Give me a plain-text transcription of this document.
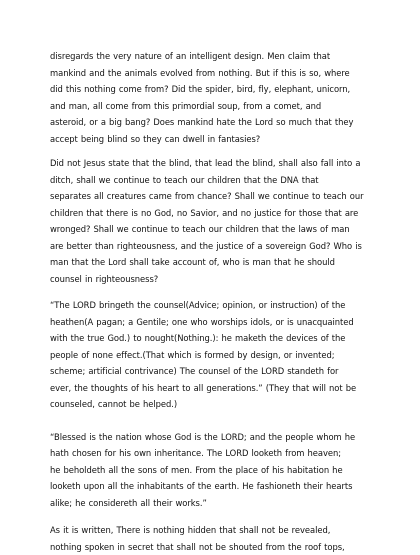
disregards the very nature of an intelligent design. Men claim that
mankind and the animals evolved from nothing. But if this is so, where
did this nothing come from? Did the spider, bird, fly, elephant, unicorn,
and man, all come from this primordial soup, from a comet, and
asteroid, or a big bang? Does mankind hate the Lord so much that they
accept being blind so they can dwell in fantasies?

Did not Jesus state that the blind, that lead the blind, shall also fall into a
ditch, shall we continue to teach our children that the DNA that
separates all creatures came from chance? Shall we continue to teach our
children that there is no God, no Savior, and no justice for those that are
wronged? Shall we continue to teach our children that the laws of man
are better than righteousness, and the justice of a sovereign God? Who is
man that the Lord shall take account of, who is man that he should
counsel in righteousness?

“The LORD bringeth the counsel(Advice; opinion, or instruction) of the
heathen(A pagan; a Gentile; one who worships idols, or is unacquainted
with the true God.) to nought(Nothing.): he maketh the devices of the
people of none effect.(That which is formed by design, or invented;
scheme; artificial contrivance) The counsel of the LORD standeth for
ever, the thoughts of his heart to all generations.” (They that will not be
counseled, cannot be helped.)

“Blessed is the nation whose God is the LORD; and the people whom he
hath chosen for his own inheritance. The LORD looketh from heaven;
he beholdeth all the sons of men. From the place of his habitation he
looketh upon all the inhabitants of the earth. He fashioneth their hearts
alike; he considereth all their works.”

As it is written, There is nothing hidden that shall not be revealed,
nothing spoken in secret that shall not be shouted from the roof tops,
